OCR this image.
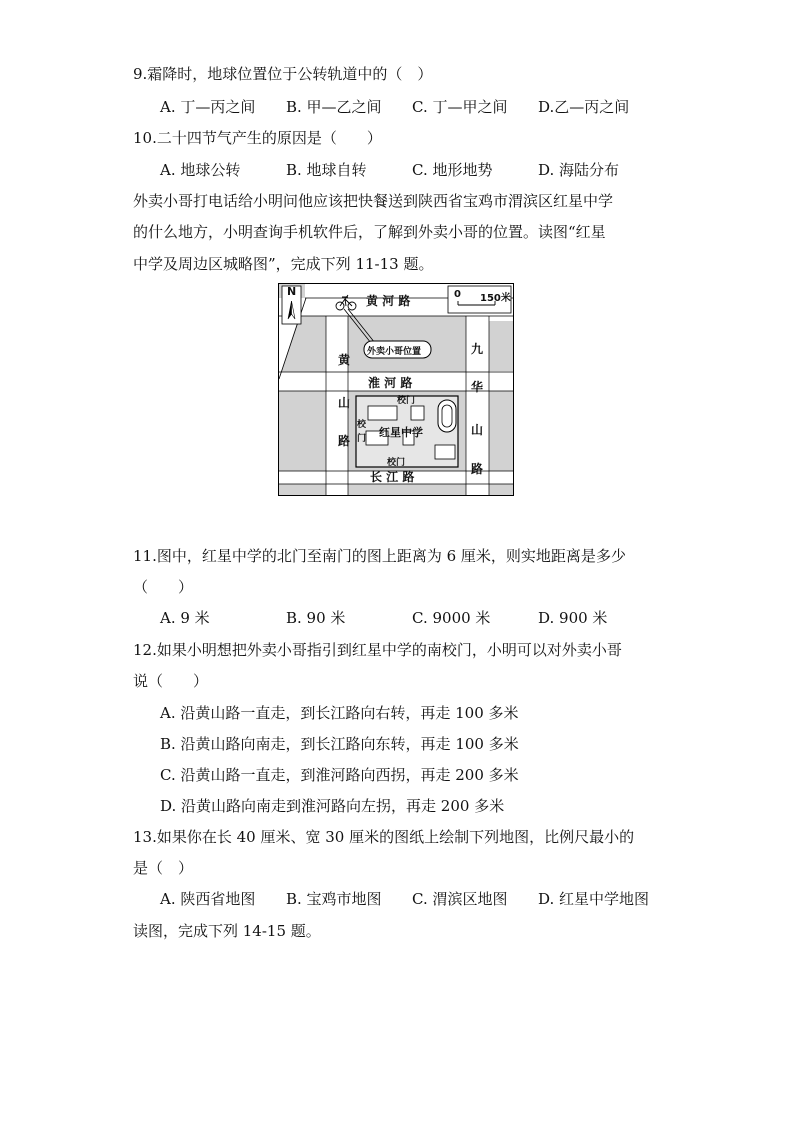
9.霜降时，地球位置位于公转轨道中的（　）
A. 丁—丙之间 B. 甲—乙之间 C. 丁—甲之间 D.乙—丙之间
10.二十四节气产生的原因是（　　）
A. 地球公转	B. 地球自转	C. 地形地势	D. 海陆分布
外卖小哥打电话给小明问他应该把快餐送到陕西省宝鸡市渭滨区红星中学
的什么地方，小明查询手机软件后，了解到外卖小哥的位置。读图“红星
中学及周边区城略图”，完成下列 11-13 题。
N	0 150米
黄 河 路
淮 河 路
长 江 路
黄
山
路
九
华
山
路
外卖小哥位置
红星中学
校门
校门
校
门
11.图中，红星中学的北门至南门的图上距离为 6 厘米，则实地距离是多少
（　　）
A. 9 米	B. 90 米	C. 9000 米	D. 900 米
12.如果小明想把外卖小哥指引到红星中学的南校门，小明可以对外卖小哥
说（　　）
A. 沿黄山路一直走，到长江路向右转，再走 100 多米
B. 沿黄山路向南走，到长江路向东转，再走 100 多米
C. 沿黄山路一直走，到淮河路向西拐，再走 200 多米
D. 沿黄山路向南走到淮河路向左拐，再走 200 多米
13.如果你在长 40 厘米、宽 30 厘米的图纸上绘制下列地图，比例尺最小的
是（　）
A. 陕西省地图 B. 宝鸡市地图 C. 渭滨区地图 D. 红星中学地图
读图，完成下列 14-15 题。
